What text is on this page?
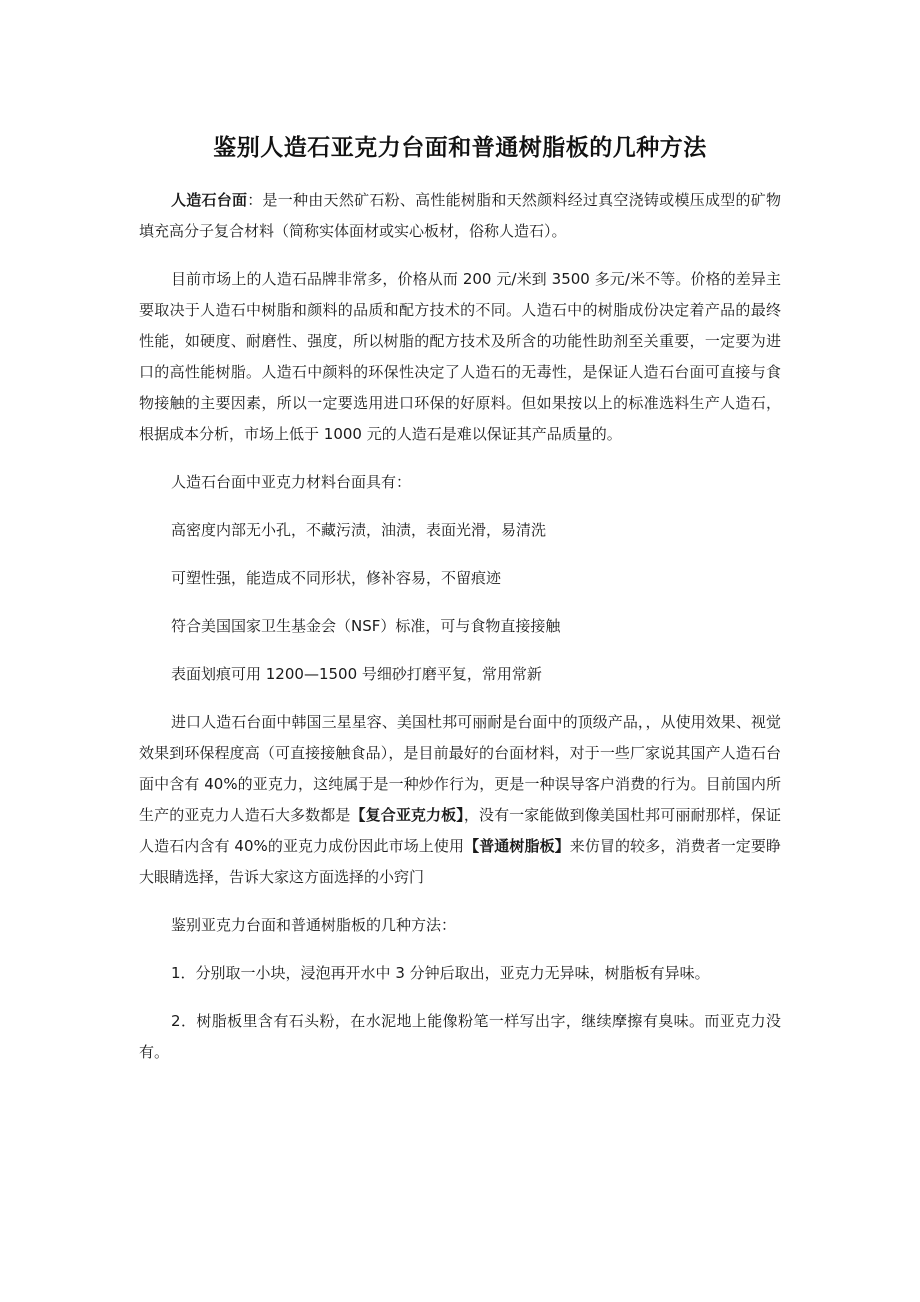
鉴别人造石亚克力台面和普通树脂板的几种方法

人造石台面：是一种由天然矿石粉、高性能树脂和天然颜料经过真空浇铸或模压成型的矿物填充高分子复合材料（简称实体面材或实心板材，俗称人造石）。

目前市场上的人造石品牌非常多，价格从而 200 元/米到 3500 多元/米不等。价格的差异主要取决于人造石中树脂和颜料的品质和配方技术的不同。人造石中的树脂成份决定着产品的最终性能，如硬度、耐磨性、强度，所以树脂的配方技术及所含的功能性助剂至关重要，一定要为进口的高性能树脂。人造石中颜料的环保性决定了人造石的无毒性，是保证人造石台面可直接与食物接触的主要因素，所以一定要选用进口环保的好原料。但如果按以上的标准选料生产人造石，根据成本分析，市场上低于 1000 元的人造石是难以保证其产品质量的。

人造石台面中亚克力材料台面具有：

高密度内部无小孔，不藏污渍，油渍，表面光滑，易清洗

可塑性强，能造成不同形状，修补容易，不留痕迹

符合美国国家卫生基金会（NSF）标准，可与食物直接接触

表面划痕可用 1200—1500 号细砂打磨平复，常用常新

进口人造石台面中韩国三星星容、美国杜邦可丽耐是台面中的顶级产品，，从使用效果、视觉效果到环保程度高（可直接接触食品），是目前最好的台面材料，对于一些厂家说其国产人造石台面中含有 40%的亚克力，这纯属于是一种炒作行为，更是一种误导客户消费的行为。目前国内所生产的亚克力人造石大多数都是【复合亚克力板】，没有一家能做到像美国杜邦可丽耐那样，保证人造石内含有 40%的亚克力成份因此市场上使用【普通树脂板】来仿冒的较多，消费者一定要睁大眼睛选择，告诉大家这方面选择的小窍门

鉴别亚克力台面和普通树脂板的几种方法：

1．分别取一小块，浸泡再开水中 3 分钟后取出，亚克力无异味，树脂板有异味。

2．树脂板里含有石头粉，在水泥地上能像粉笔一样写出字，继续摩擦有臭味。而亚克力没有。
